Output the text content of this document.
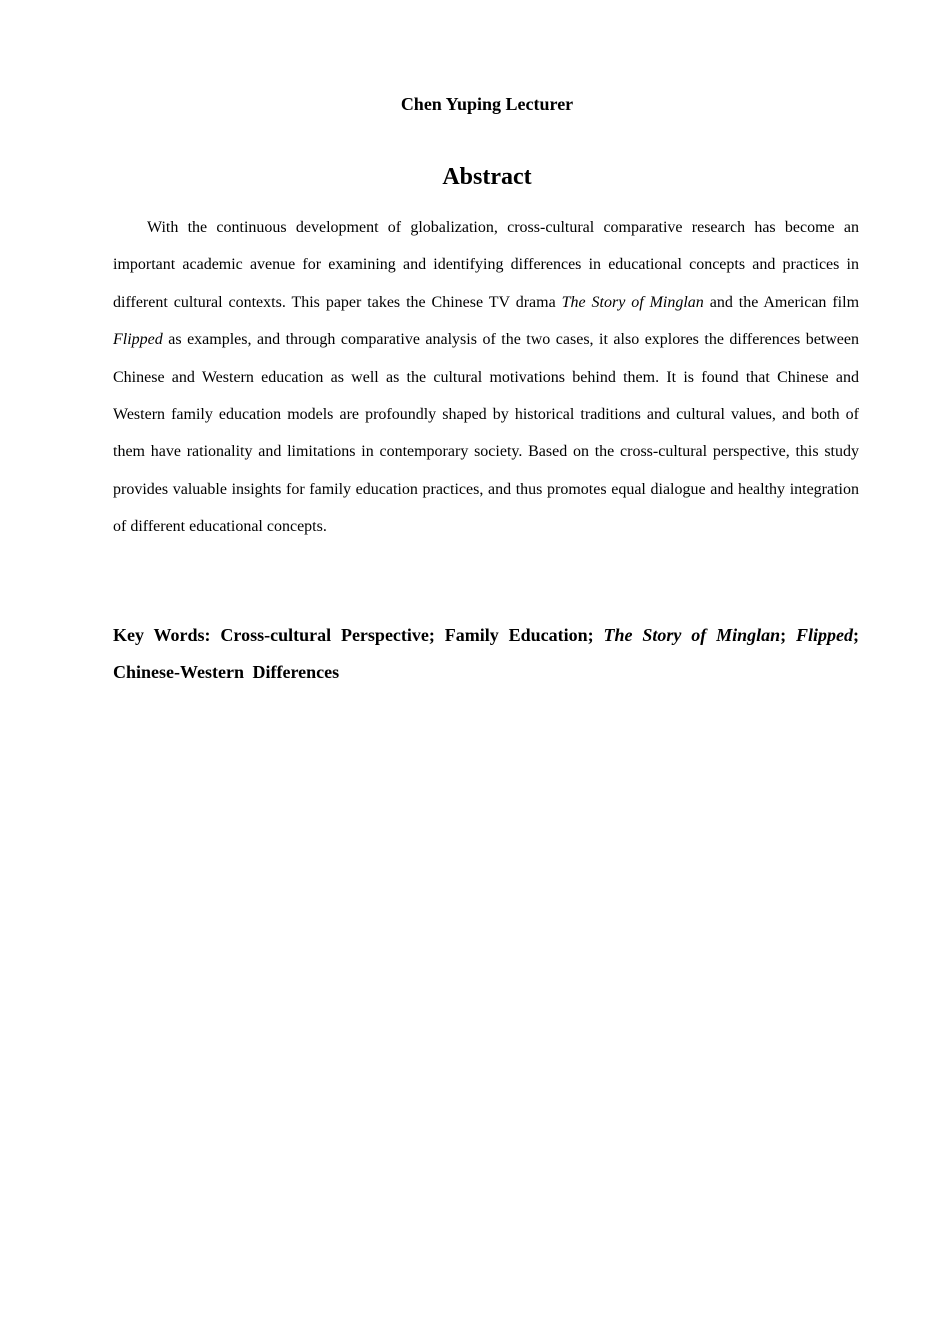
Chen Yuping Lecturer
Abstract

With the continuous development of globalization, cross-cultural comparative research has become an important academic avenue for examining and identifying differences in educational concepts and practices in different cultural contexts. This paper takes the Chinese TV drama The Story of Minglan and the American film Flipped as examples, and through comparative analysis of the two cases, it also explores the differences between Chinese and Western education as well as the cultural motivations behind them. It is found that Chinese and Western family education models are profoundly shaped by historical traditions and cultural values, and both of them have rationality and limitations in contemporary society. Based on the cross-cultural perspective, this study provides valuable insights for family education practices, and thus promotes equal dialogue and healthy integration of different educational concepts.

Key Words: Cross-cultural Perspective; Family Education; The Story of Minglan; Flipped; Chinese-Western Differences
